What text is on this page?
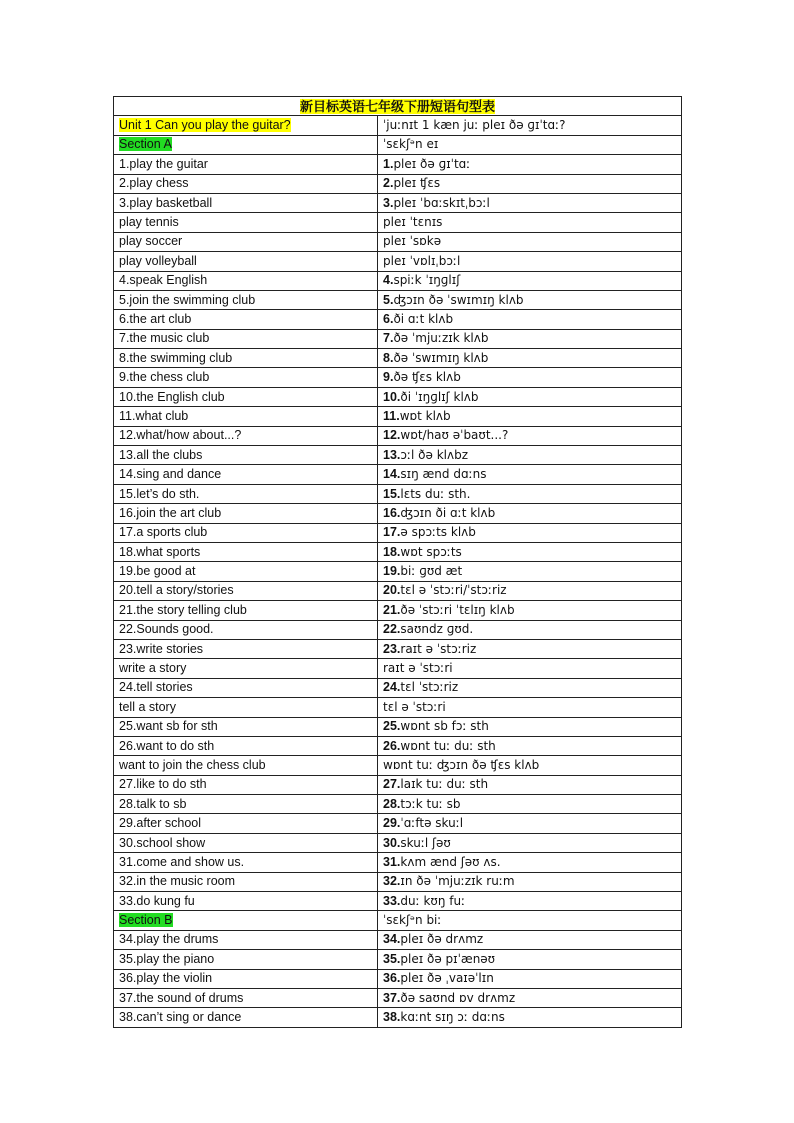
新目标英语七年级下册短语句型表	
Unit 1 Can you play the guitar?	ˈjuːnɪt 1 kæn juː pleɪ ðə ɡɪˈtɑː?
Section A	ˈsɛkʃᵊn eɪ
1.play the guitar	1.pleɪ ðə ɡɪˈtɑː
2.play chess	2.pleɪ ʧɛs
3.play basketball	3.pleɪ ˈbɑːskɪtˌbɔːl
play tennis	pleɪ ˈtɛnɪs
play soccer	pleɪ ˈsɒkə
play volleyball	pleɪ ˈvɒlɪˌbɔːl
4.speak English	4.spiːk ˈɪŋɡlɪʃ
5.join the swimming club	5.ʤɔɪn ðə ˈswɪmɪŋ klʌb
6.the art club	6.ði ɑːt klʌb
7.the music club	7.ðə ˈmjuːzɪk klʌb
8.the swimming club	8.ðə ˈswɪmɪŋ klʌb
9.the chess club	9.ðə ʧɛs klʌb
10.the English club	10.ði ˈɪŋɡlɪʃ klʌb
11.what club	11.wɒt klʌb
12.what/how about...?	12.wɒt/haʊ əˈbaʊt...?
13.all the clubs	13.ɔːl ðə klʌbz
14.sing and dance	14.sɪŋ ænd dɑːns
15.let’s do sth.	15.lɛts duː sth.
16.join the art club	16.ʤɔɪn ði ɑːt klʌb
17.a sports club	17.ə spɔːts klʌb
18.what sports	18.wɒt spɔːts
19.be good at	19.biː ɡʊd æt
20.tell a story/stories	20.tɛl ə ˈstɔːri/ˈstɔːriz
21.the story telling club	21.ðə ˈstɔːri ˈtɛlɪŋ klʌb
22.Sounds good.	22.saʊndz ɡʊd.
23.write stories	23.raɪt ə ˈstɔːriz
write a story	raɪt ə ˈstɔːri
24.tell stories	24.tɛl ˈstɔːriz
tell a story	tɛl ə ˈstɔːri
25.want sb for sth	25.wɒnt sb fɔː sth
26.want to do sth	26.wɒnt tuː duː sth
want to join the chess club	wɒnt tuː ʤɔɪn ðə ʧɛs klʌb
27.like to do sth	27.laɪk tuː duː sth
28.talk to sb	28.tɔːk tuː sb
29.after school	29.ˈɑːftə skuːl
30.school show	30.skuːl ʃəʊ
31.come and show us.	31.kʌm ænd ʃəʊ ʌs.
32.in the music room	32.ɪn ðə ˈmjuːzɪk ruːm
33.do kung fu	33.duː kʊŋ fuː
Section B	ˈsɛkʃᵊn biː
34.play the drums	34.pleɪ ðə drʌmz
35.play the piano	35.pleɪ ðə pɪˈænəʊ
36.play the violin	36.pleɪ ðə ˌvaɪəˈlɪn
37.the sound of drums	37.ðə saʊnd ɒv drʌmz
38.can’t sing or dance	38.kɑːnt sɪŋ ɔː dɑːns
